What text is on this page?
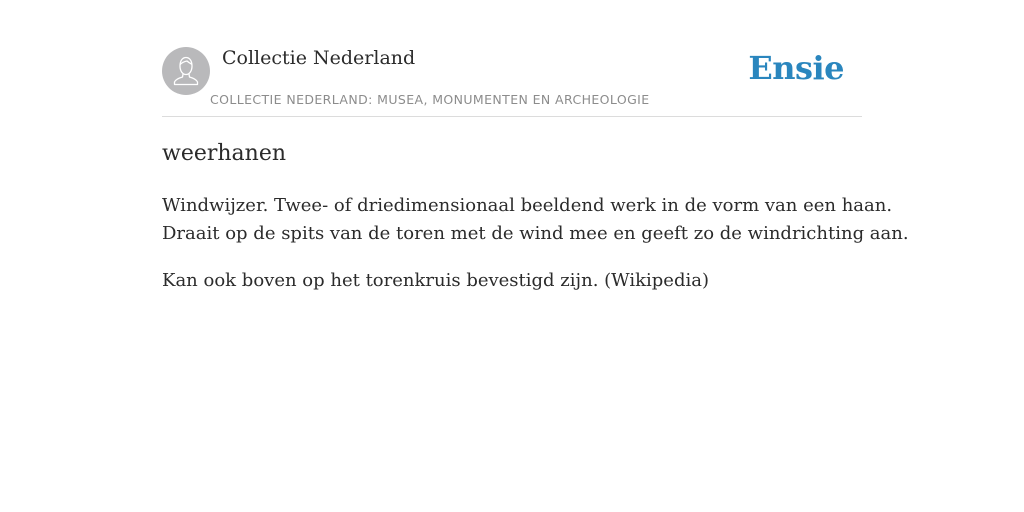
Collectie Nederland
COLLECTIE NEDERLAND: MUSEA, MONUMENTEN EN ARCHEOLOGIE
Ensie
weerhanen

Windwijzer. Twee- of driedimensionaal beeldend werk in de vorm van een haan.
Draait op de spits van de toren met de wind mee en geeft zo de windrichting aan.

Kan ook boven op het torenkruis bevestigd zijn. (Wikipedia)
